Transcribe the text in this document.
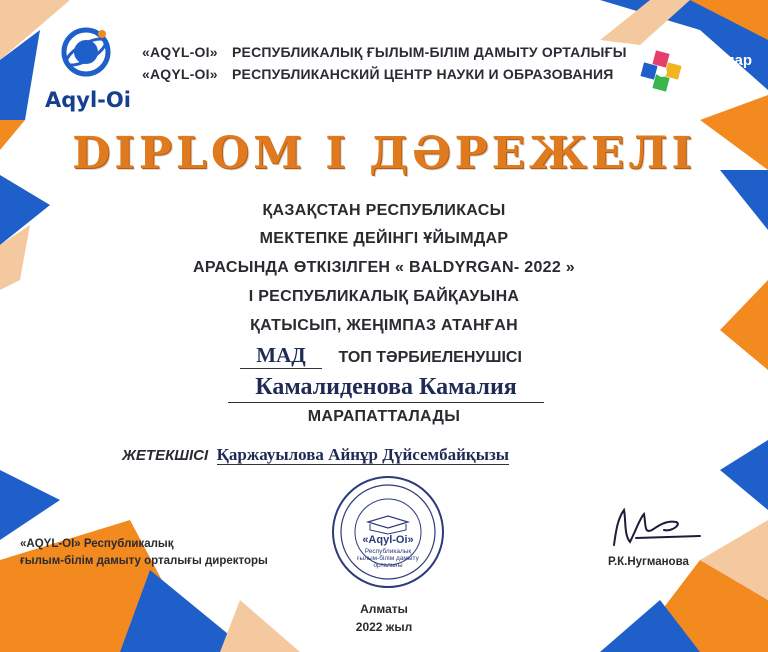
Aqyl-Oi
«AQYL-OI» РЕСПУБЛИКАЛЫҚ ҒЫЛЫМ-БІЛІМ ДАМЫТУ ОРТАЛЫҒЫ
«AQYL-OI» РЕСПУБЛИКАНСКИЙ ЦЕНТР НАУКИ И ОБРАЗОВАНИЯ
Балалар
жылы
2022
DIPLOM I ДӘРЕЖЕЛІ
ҚАЗАҚСТАН РЕСПУБЛИКАСЫ
МЕКТЕПКЕ ДЕЙІНГІ ҰЙЫМДАР
АРАСЫНДА ӨТКІЗІЛГЕН « BALDYRGAN- 2022 »
І РЕСПУБЛИКАЛЫҚ БАЙҚАУЫНА
ҚАТЫСЫП, ЖЕҢІМПАЗ АТАНҒАН
МАД ТОП ТӘРБИЕЛЕНУШІСІ
Камалиденова Камалия
МАРАПАТТАЛАДЫ
ЖЕТЕКШІСІ Қаржауылова Айнұр Дүйсембайқызы
«Aqyl-Oi»
Республикалық
ғылым-білім дамыту
орталығы
«AQYL-OI» Республикалық
ғылым-білім дамыту орталығы директоры	Р.К.Нугманова
Алматы
2022 жыл
